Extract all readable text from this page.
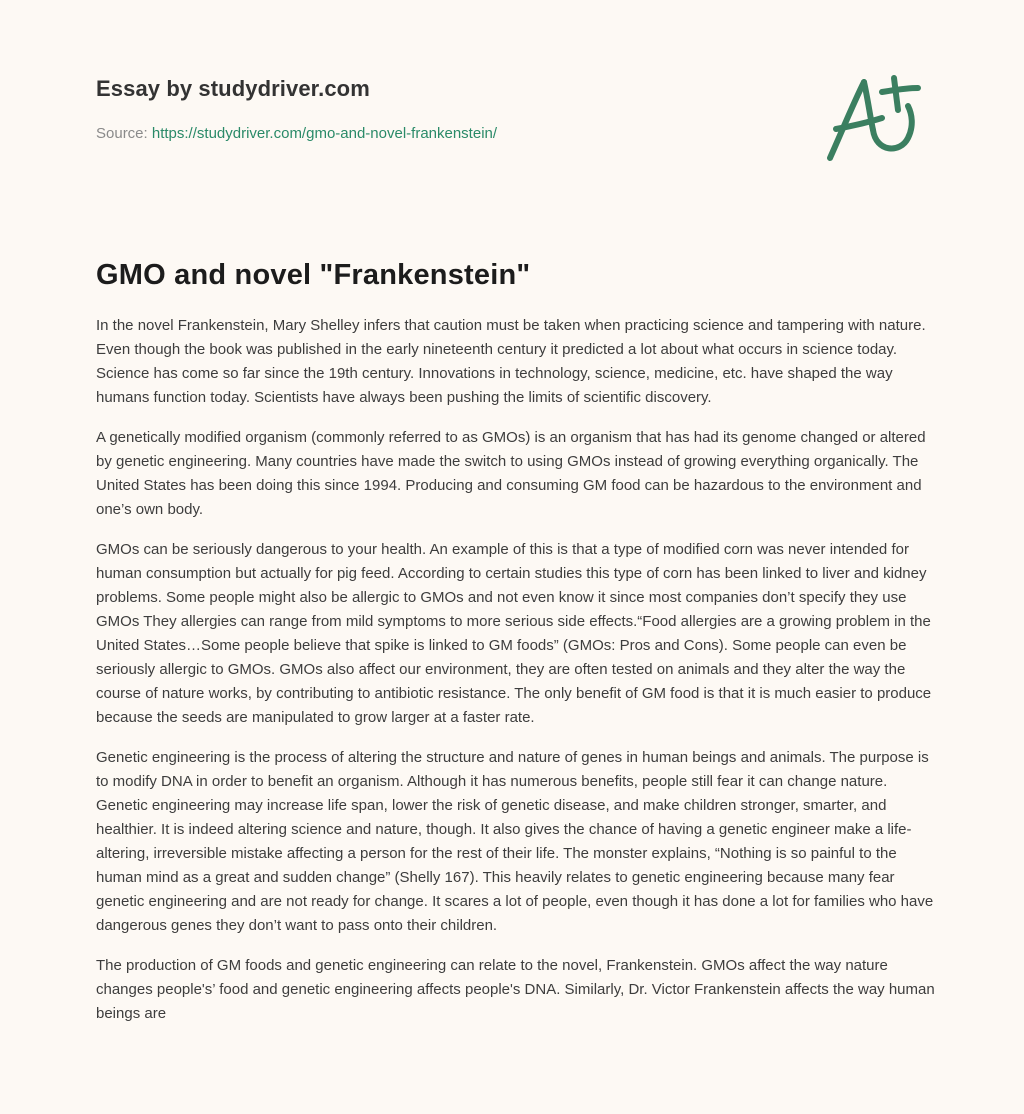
Essay by studydriver.com
Source: https://studydriver.com/gmo-and-novel-frankenstein/
GMO and novel "Frankenstein"

In the novel Frankenstein, Mary Shelley infers that caution must be taken when practicing science and tampering with nature. Even though the book was published in the early nineteenth century it predicted a lot about what occurs in science today. Science has come so far since the 19th century. Innovations in technology, science, medicine, etc. have shaped the way humans function today. Scientists have always been pushing the limits of scientific discovery.

A genetically modified organism (commonly referred to as GMOs) is an organism that has had its genome changed or altered by genetic engineering. Many countries have made the switch to using GMOs instead of growing everything organically. The United States has been doing this since 1994. Producing and consuming GM food can be hazardous to the environment and one’s own body.

GMOs can be seriously dangerous to your health. An example of this is that a type of modified corn was never intended for human consumption but actually for pig feed. According to certain studies this type of corn has been linked to liver and kidney problems. Some people might also be allergic to GMOs and not even know it since most companies don’t specify they use GMOs They allergies can range from mild symptoms to more serious side effects.“Food allergies are a growing problem in the United States…Some people believe that spike is linked to GM foods” (GMOs: Pros and Cons). Some people can even be seriously allergic to GMOs. GMOs also affect our environment, they are often tested on animals and they alter the way the course of nature works, by contributing to antibiotic resistance. The only benefit of GM food is that it is much easier to produce because the seeds are manipulated to grow larger at a faster rate.

Genetic engineering is the process of altering the structure and nature of genes in human beings and animals. The purpose is to modify DNA in order to benefit an organism. Although it has numerous benefits, people still fear it can change nature. Genetic engineering may increase life span, lower the risk of genetic disease, and make children stronger, smarter, and healthier. It is indeed altering science and nature, though. It also gives the chance of having a genetic engineer make a life-altering, irreversible mistake affecting a person for the rest of their life. The monster explains, “Nothing is so painful to the human mind as a great and sudden change” (Shelly 167). This heavily relates to genetic engineering because many fear genetic engineering and are not ready for change. It scares a lot of people, even though it has done a lot for families who have dangerous genes they don’t want to pass onto their children.

The production of GM foods and genetic engineering can relate to the novel, Frankenstein. GMOs affect the way nature changes people's’ food and genetic engineering affects people's DNA. Similarly, Dr. Victor Frankenstein affects the way human beings are
